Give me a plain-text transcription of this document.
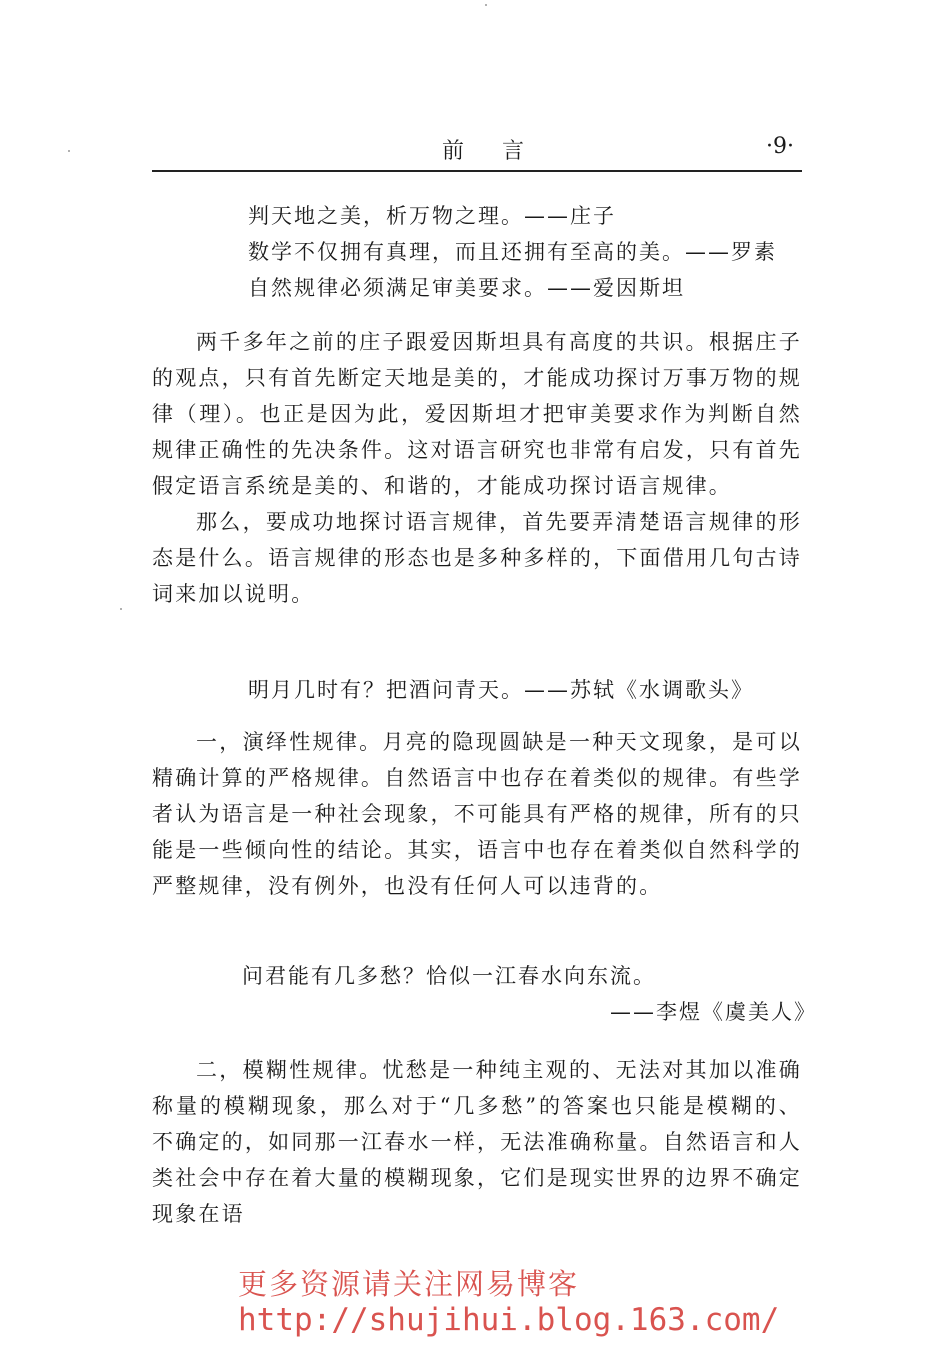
前言	·9·
判天地之美，析万物之理。——庄子
数学不仅拥有真理，而且还拥有至高的美。——罗素
自然规律必须满足审美要求。——爱因斯坦

两千多年之前的庄子跟爱因斯坦具有高度的共识。根据庄子的观点，只有首先断定天地是美的，才能成功探讨万事万物的规律（理）。也正是因为此，爱因斯坦才把审美要求作为判断自然规律正确性的先决条件。这对语言研究也非常有启发，只有首先假定语言系统是美的、和谐的，才能成功探讨语言规律。

那么，要成功地探讨语言规律，首先要弄清楚语言规律的形态是什么。语言规律的形态也是多种多样的，下面借用几句古诗词来加以说明。

明月几时有？把酒问青天。——苏轼《水调歌头》

一，演绎性规律。月亮的隐现圆缺是一种天文现象，是可以精确计算的严格规律。自然语言中也存在着类似的规律。有些学者认为语言是一种社会现象，不可能具有严格的规律，所有的只能是一些倾向性的结论。其实，语言中也存在着类似自然科学的严整规律，没有例外，也没有任何人可以违背的。

问君能有几多愁？恰似一江春水向东流。
——李煜《虞美人》

二，模糊性规律。忧愁是一种纯主观的、无法对其加以准确称量的模糊现象，那么对于“几多愁”的答案也只能是模糊的、不确定的，如同那一江春水一样，无法准确称量。自然语言和人类社会中存在着大量的模糊现象，它们是现实世界的边界不确定现象在语

更多资源请关注网易博客
http://shujihui.blog.163.com/
